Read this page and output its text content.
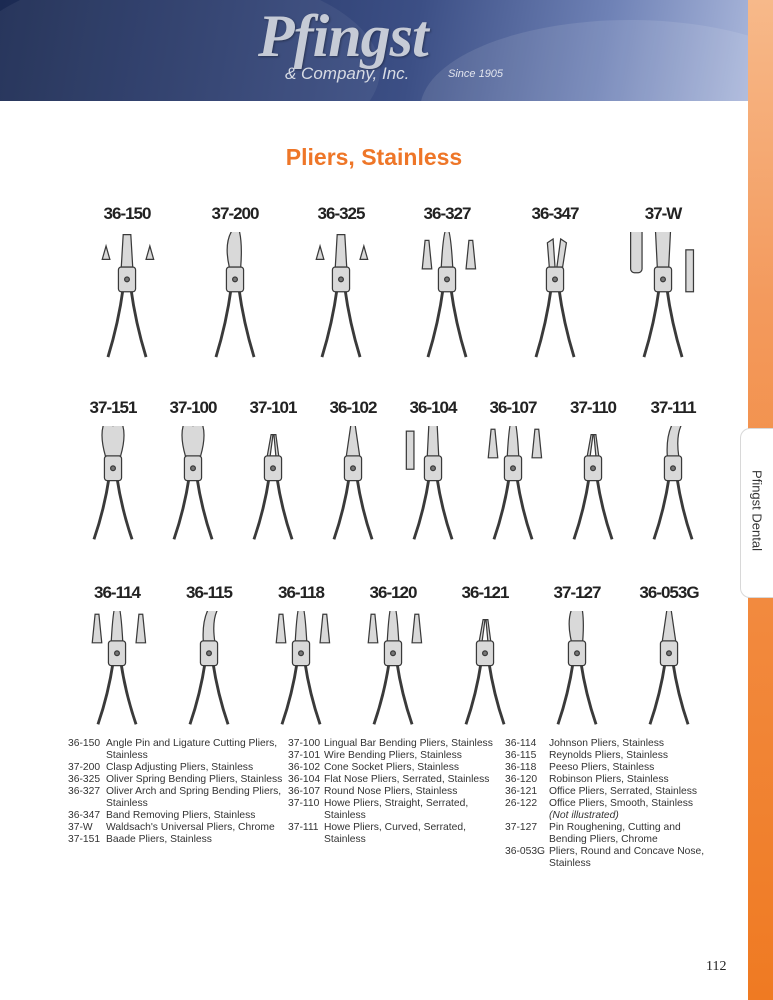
Pfingst
& Company, Inc.	Since 1905
Pfingst Dental
Pliers, Stainless
36-150	37-200	36-325	36-327	36-347	37-W
37-151	37-100	37-101	36-102	36-104	36-107	37-110	37-111
36-114	36-115	36-118	36-120	36-121	37-127	36-053G
36-150 Angle Pin and Ligature Cutting Pliers, Stainless
37-200 Clasp Adjusting Pliers, Stainless
36-325 Oliver Spring Bending Pliers, Stainless
36-327 Oliver Arch and Spring Bending Pliers, Stainless
36-347 Band Removing Pliers, Stainless
37-W	Waldsach's Universal Pliers, Chrome
37-151 Baade Pliers, Stainless
37-100 Lingual Bar Bending Pliers, Stainless
37-101 Wire Bending Pliers, Stainless
36-102 Cone Socket Pliers, Stainless
36-104 Flat Nose Pliers, Serrated, Stainless
36-107 Round Nose Pliers, Stainless
37-110 Howe Pliers, Straight, Serrated, Stainless
37-111 Howe Pliers, Curved, Serrated, Stainless
36-114	Johnson Pliers, Stainless
36-115	Reynolds Pliers, Stainless
36-118	Peeso Pliers, Stainless
36-120	Robinson Pliers, Stainless
36-121	Office Pliers, Serrated, Stainless
26-122	Office Pliers, Smooth, Stainless
(Not illustrated)
37-127	Pin Roughening, Cutting and Bending Pliers, Chrome
36-053G Pliers, Round and Concave Nose, Stainless
112
